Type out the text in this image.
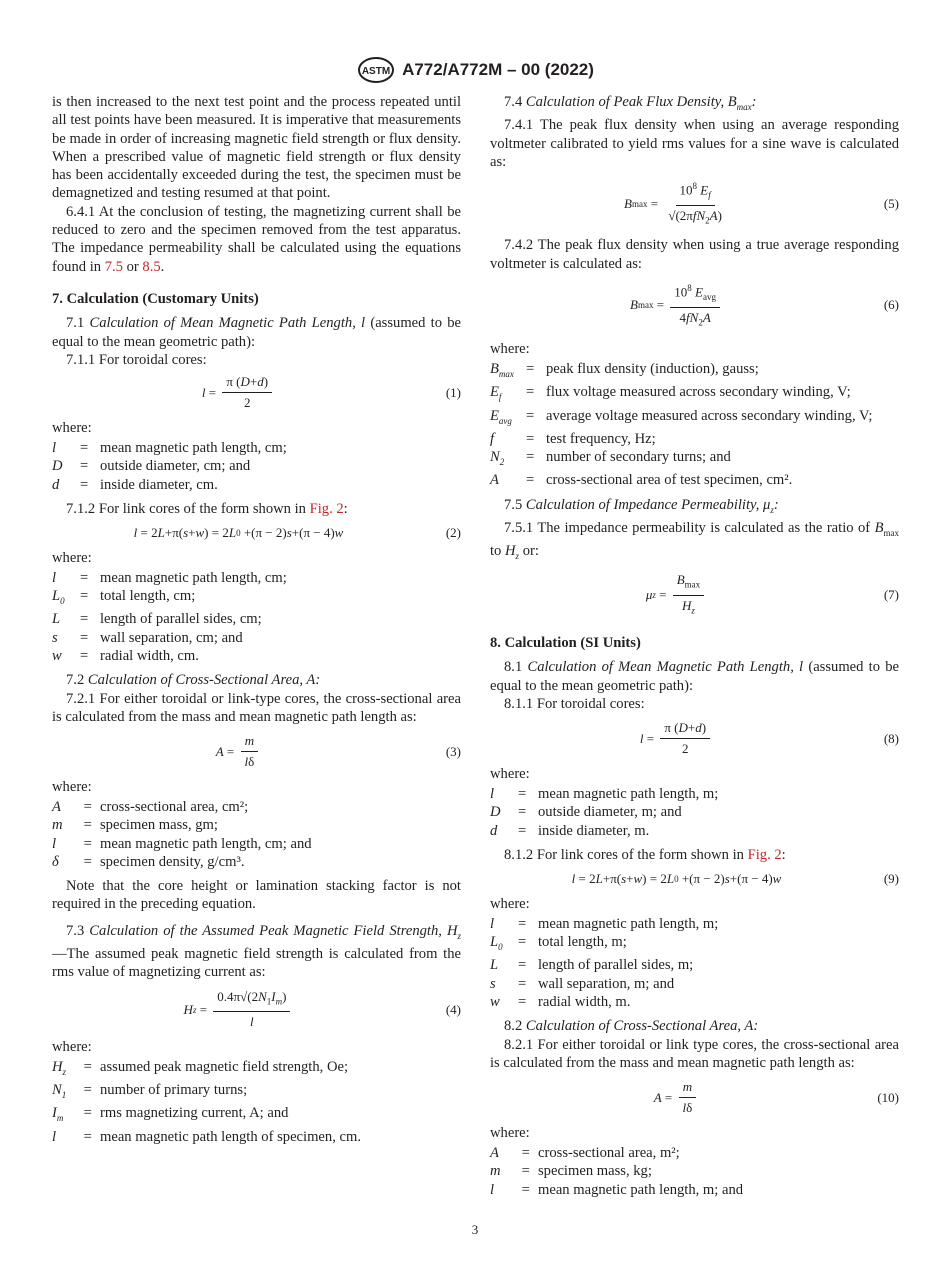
ASTM A772/A772M – 00 (2022)

is then increased to the next test point and the process repeated until all test points have been measured. It is imperative that measurements be made in order of increasing magnetic field strength or flux density. When a prescribed value of magnetic field strength or flux density has been accidentally exceeded during the test, the specimen must be demagnetized and testing resumed at that point.

6.4.1 At the conclusion of testing, the magnetizing current shall be reduced to zero and the specimen removed from the test apparatus. The impedance permeability shall be calculated using the equations found in 7.5 or 8.5.

7. Calculation (Customary Units)

7.1 Calculation of Mean Magnetic Path Length, l (assumed to be equal to the mean geometric path):

7.1.1 For toroidal cores:

$l = \frac{\pi (D+d)}{2}$	(1)

where:

l	= mean magnetic path length, cm;
D	= outside diameter, cm; and
d	= inside diameter, cm.

7.1.2 For link cores of the form shown in Fig. 2:

l = 2 L +π( s + w ) = 2 L 0 +(π − 2) s +(π − 4) w	(2)

where:

l	= mean magnetic path length, cm;
$L_0$	= total length, cm;
L	= length of parallel sides, cm;
s	= wall separation, cm; and
w	= radial width, cm.

7.2 Calculation of Cross-Sectional Area, A:

7.2.1 For either toroidal or link-type cores, the cross-sectional area is calculated from the mass and mean magnetic path length as:

$A = \frac{m}{l\delta}$	(3)

where:

A	= cross-sectional area, cm²;
m	= specimen mass, gm;
l	= mean magnetic path length, cm; and
δ	= specimen density, g/cm³.

Note that the core height or lamination stacking factor is not required in the preceding equation.

7.3 Calculation of the Assumed Peak Magnetic Field Strength, $H_z—The$ assumed peak magnetic field strength is calculated from the rms value of magnetizing current as:

H $z = \frac{0.4\pi√(2N_1I_m)}{l}$	(4)

where:

$H_z$ = assumed peak magnetic field strength, Oe;
$N_1$ = number of primary turns;
$I_m$	= rms magnetizing current, A; and
l	= mean magnetic path length of specimen, cm.

7.4 Calculation of Peak Flux Density, $B_{max}$:

7.4.1 The peak flux density when using an average responding voltmeter calibrated to yield rms values for a sine wave is calculated as:

B $\max = \frac{10^8 E_f}{√(2\pi fN_2A)}$	(5)

7.4.2 The peak flux density when using a true average responding voltmeter is calculated as:

B $\max = \frac{10^8 E_{avg}}{4fN_2A}$	(6)

where:

$B_{max}$ = peak flux density (induction), gauss;
$E_f$	= flux voltage measured across secondary winding, V;
$E_{avg}$ = average voltage measured across secondary winding, V;
f	= test frequency, Hz;
$N_2$	= number of secondary turns; and
A	= cross-sectional area of test specimen, cm².

7.5 Calculation of Impedance Permeability, $\mu_z$:

7.5.1 The impedance permeability is calculated as the ratio of $B_{max}$ to $H_z$ or:

μ $z = \frac{B_{max}}{H_z}$	(7)
8. Calculation (SI Units)

8.1 Calculation of Mean Magnetic Path Length, l (assumed to be equal to the mean geometric path):

8.1.1 For toroidal cores:

$l = \frac{\pi (D+d)}{2}$	(8)

where:

l	= mean magnetic path length, m;
D	= outside diameter, m; and
d	= inside diameter, m.

8.1.2 For link cores of the form shown in Fig. 2:

l = 2 L +π( s + w ) = 2 L 0 +(π − 2) s +(π − 4) w	(9)

where:

l	= mean magnetic path length, m;
$L_0$	= total length, m;
L	= length of parallel sides, m;
s	= wall separation, m; and
w	= radial width, m.

8.2 Calculation of Cross-Sectional Area, A:

8.2.1 For either toroidal or link type cores, the cross-sectional area is calculated from the mass and mean magnetic path length as:

$A = \frac{m}{l\delta}$	(10)

where:

A	= cross-sectional area, m²;
m	= specimen mass, kg;
l	= mean magnetic path length, m; and
3
